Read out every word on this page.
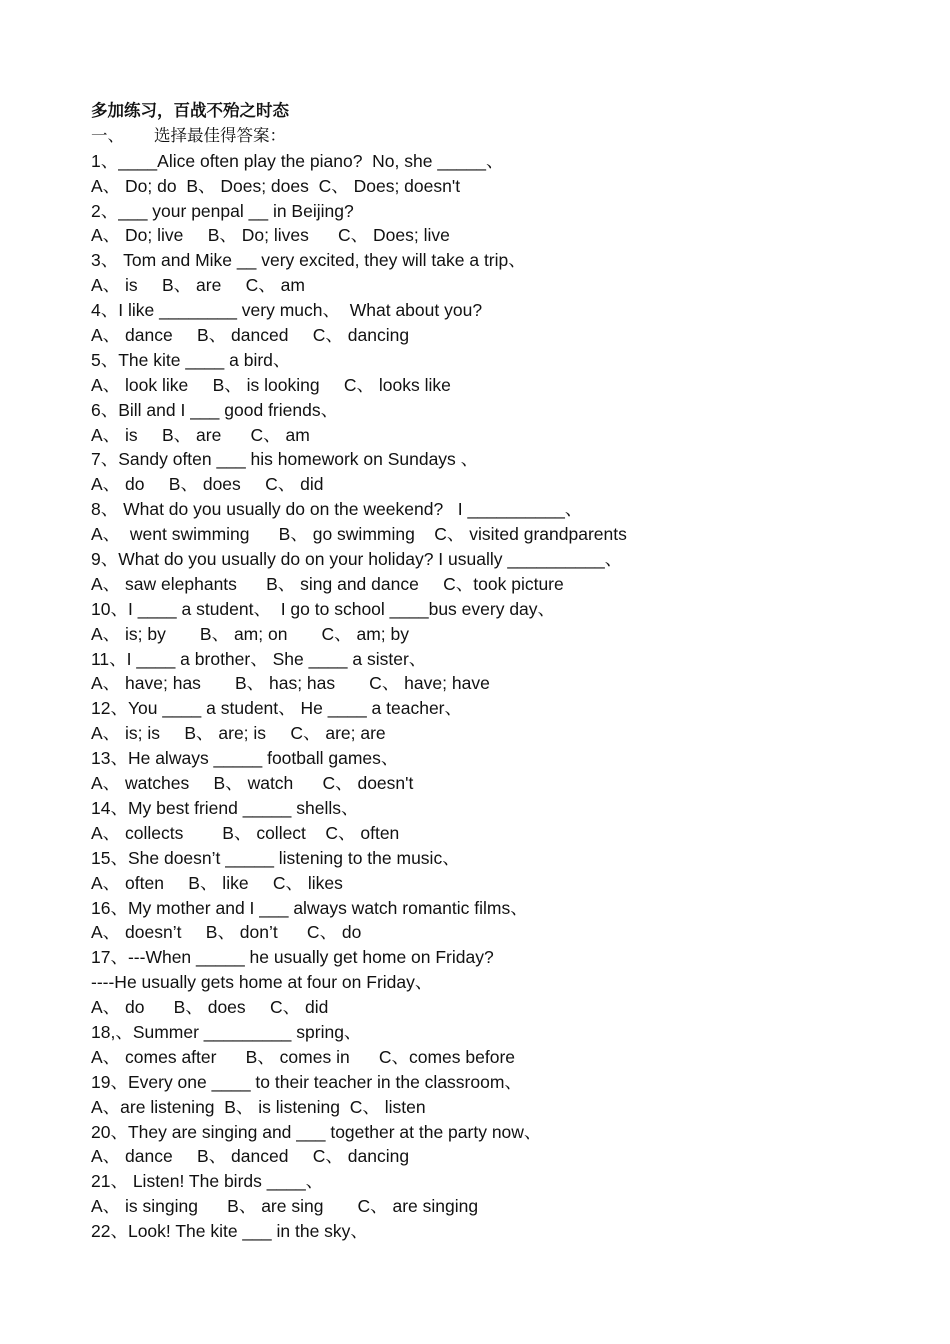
多加练习，百战不殆之时态
一、 选择最佳得答案：
1、____Alice often play the piano?  No, she _____、
A、 Do; do  B、 Does; does  C、 Does; doesn't
2、___ your penpal __ in Beijing?
A、 Do; live     B、 Do; lives      C、 Does; live
3、 Tom and Mike __ very excited, they will take a trip、
A、 is     B、 are     C、 am
4、I like ________ very much、  What about you?
A、 dance     B、 danced     C、 dancing
5、The kite ____ a bird、
A、 look like     B、 is looking     C、 looks like
6、Bill and I ___ good friends、
A、 is     B、 are      C、 am
7、Sandy often ___ his homework on Sundays 、
A、 do     B、 does     C、 did
8、 What do you usually do on the weekend?   I __________、
A、  went swimming      B、 go swimming    C、 visited grandparents
9、What do you usually do on your holiday? I usually __________、
A、 saw elephants      B、 sing and dance     C、took picture
10、I ____ a student、  I go to school ____bus every day、
A、 is; by       B、 am; on       C、 am; by
11、I ____ a brother、 She ____ a sister、
A、 have; has       B、 has; has       C、 have; have
12、You ____ a student、 He ____ a teacher、
A、 is; is     B、 are; is     C、 are; are
13、He always _____ football games、
A、 watches     B、 watch      C、 doesn't
14、My best friend _____ shells、
A、 collects        B、 collect    C、 often
15、She doesn’t _____ listening to the music、
A、 often     B、 like     C、 likes
16、My mother and I ___ always watch romantic films、
A、 doesn’t     B、 don’t      C、 do
17、---When _____ he usually get home on Friday?
----He usually gets home at four on Friday、
A、 do      B、 does     C、 did
18,、Summer _________ spring、
A、 comes after      B、 comes in      C、comes before
19、Every one ____ to their teacher in the classroom、
A、are listening  B、 is listening  C、 listen
20、They are singing and ___ together at the party now、
A、 dance     B、 danced     C、 dancing
21、 Listen! The birds ____、
A、 is singing      B、 are sing       C、 are singing
22、Look! The kite ___ in the sky、
